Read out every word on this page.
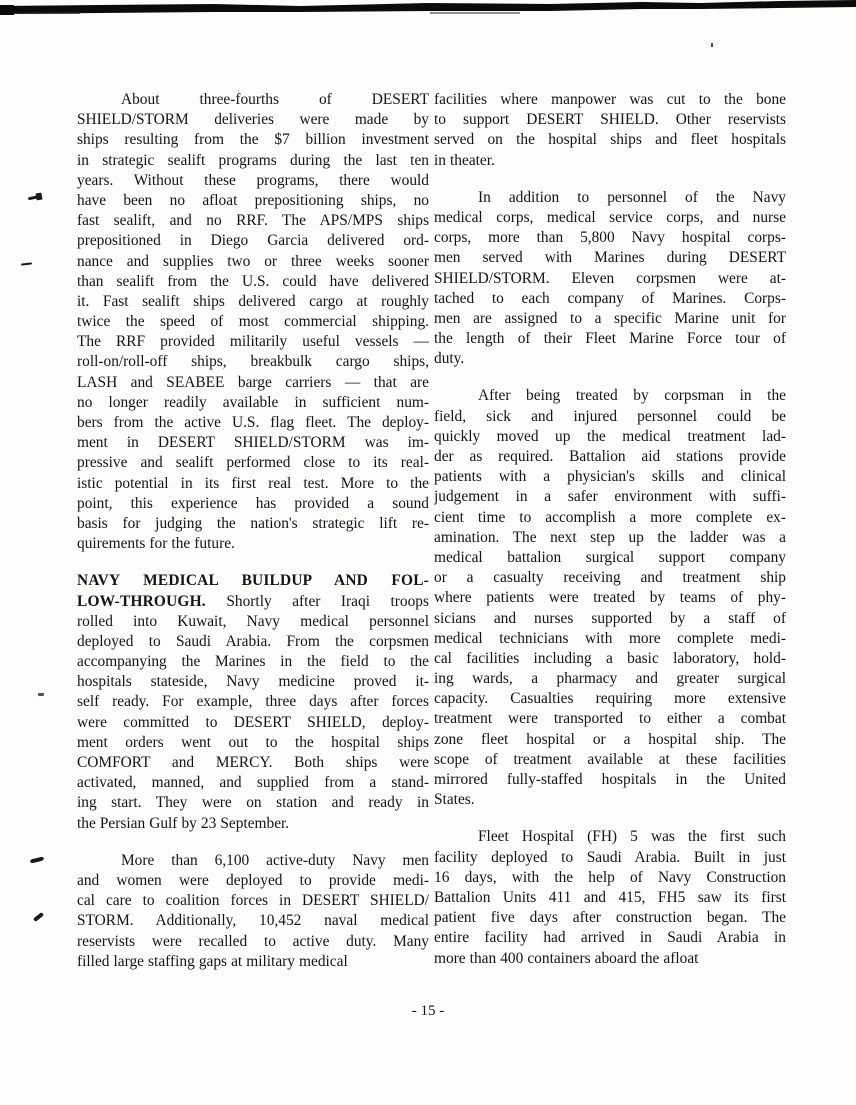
About three-fourths of DESERT
SHIELD/STORM deliveries were made by
ships resulting from the $7 billion investment
in strategic sealift programs during the last ten
years. Without these programs, there would
have been no afloat prepositioning ships, no
fast sealift, and no RRF. The APS/MPS ships
prepositioned in Diego Garcia delivered ord-
nance and supplies two or three weeks sooner
than sealift from the U.S. could have delivered
it. Fast sealift ships delivered cargo at roughly
twice the speed of most commercial shipping.
The RRF provided militarily useful vessels —
roll-on/roll-off ships, breakbulk cargo ships,
LASH and SEABEE barge carriers — that are
no longer readily available in sufficient num-
bers from the active U.S. flag fleet. The deploy-
ment in DESERT SHIELD/STORM was im-
pressive and sealift performed close to its real-
istic potential in its first real test. More to the
point, this experience has provided a sound
basis for judging the nation's strategic lift re-
quirements for the future.
NAVY MEDICAL BUILDUP AND FOL-
LOW-THROUGH. Shortly after Iraqi troops
rolled into Kuwait, Navy medical personnel
deployed to Saudi Arabia. From the corpsmen
accompanying the Marines in the field to the
hospitals stateside, Navy medicine proved it-
self ready. For example, three days after forces
were committed to DESERT SHIELD, deploy-
ment orders went out to the hospital ships
COMFORT and MERCY. Both ships were
activated, manned, and supplied from a stand-
ing start. They were on station and ready in
the Persian Gulf by 23 September.
More than 6,100 active-duty Navy men
and women were deployed to provide medi-
cal care to coalition forces in DESERT SHIELD/
STORM. Additionally, 10,452 naval medical
reservists were recalled to active duty. Many
filled large staffing gaps at military medical
facilities where manpower was cut to the bone
to support DESERT SHIELD. Other reservists
served on the hospital ships and fleet hospitals
in theater.
In addition to personnel of the Navy
medical corps, medical service corps, and nurse
corps, more than 5,800 Navy hospital corps-
men served with Marines during DESERT
SHIELD/STORM. Eleven corpsmen were at-
tached to each company of Marines. Corps-
men are assigned to a specific Marine unit for
the length of their Fleet Marine Force tour of
duty.
After being treated by corpsman in the
field, sick and injured personnel could be
quickly moved up the medical treatment lad-
der as required. Battalion aid stations provide
patients with a physician's skills and clinical
judgement in a safer environment with suffi-
cient time to accomplish a more complete ex-
amination. The next step up the ladder was a
medical battalion surgical support company
or a casualty receiving and treatment ship
where patients were treated by teams of phy-
sicians and nurses supported by a staff of
medical technicians with more complete medi-
cal facilities including a basic laboratory, hold-
ing wards, a pharmacy and greater surgical
capacity. Casualties requiring more extensive
treatment were transported to either a combat
zone fleet hospital or a hospital ship. The
scope of treatment available at these facilities
mirrored fully-staffed hospitals in the United
States.
Fleet Hospital (FH) 5 was the first such
facility deployed to Saudi Arabia. Built in just
16 days, with the help of Navy Construction
Battalion Units 411 and 415, FH5 saw its first
patient five days after construction began. The
entire facility had arrived in Saudi Arabia in
more than 400 containers aboard the afloat
- 15 -
